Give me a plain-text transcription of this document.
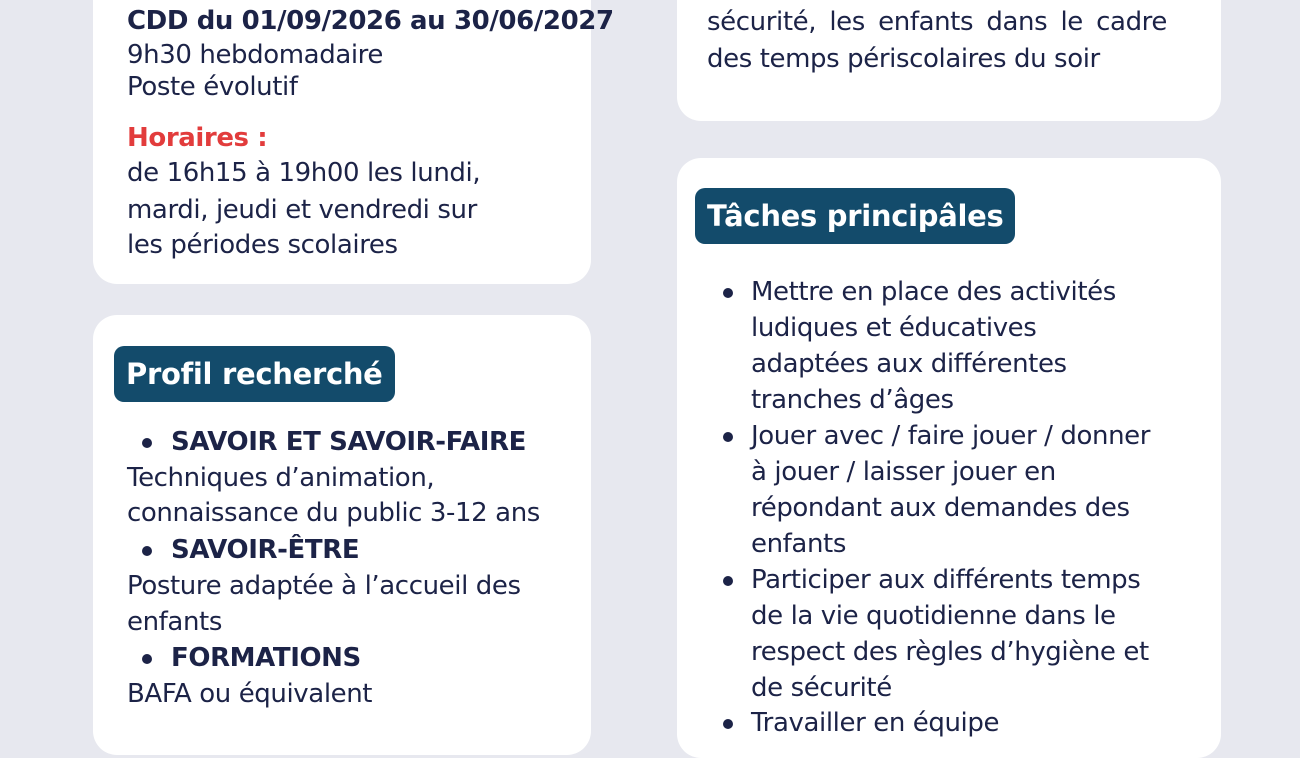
CDD du 01/09/2026 au 30/06/2027
9h30 hebdomadaire
Poste évolutif
Horaires :
de 16h15 à 19h00 les lundi,
mardi, jeudi et vendredi sur
les périodes scolaires
sécurité, les enfants dans le cadre
des temps périscolaires du soir
Profil recherché
SAVOIR ET SAVOIR-FAIRE
Techniques d’animation,
connaissance du public 3-12 ans
SAVOIR-ÊTRE
Posture adaptée à l’accueil des
enfants
FORMATIONS
BAFA ou équivalent
Tâches principâles
Mettre en place des activités
ludiques et éducatives
adaptées aux différentes
tranches d’âges
Jouer avec / faire jouer / donner
à jouer / laisser jouer en
répondant aux demandes des
enfants
Participer aux différents temps
de la vie quotidienne dans le
respect des règles d’hygiène et
de sécurité
Travailler en équipe
